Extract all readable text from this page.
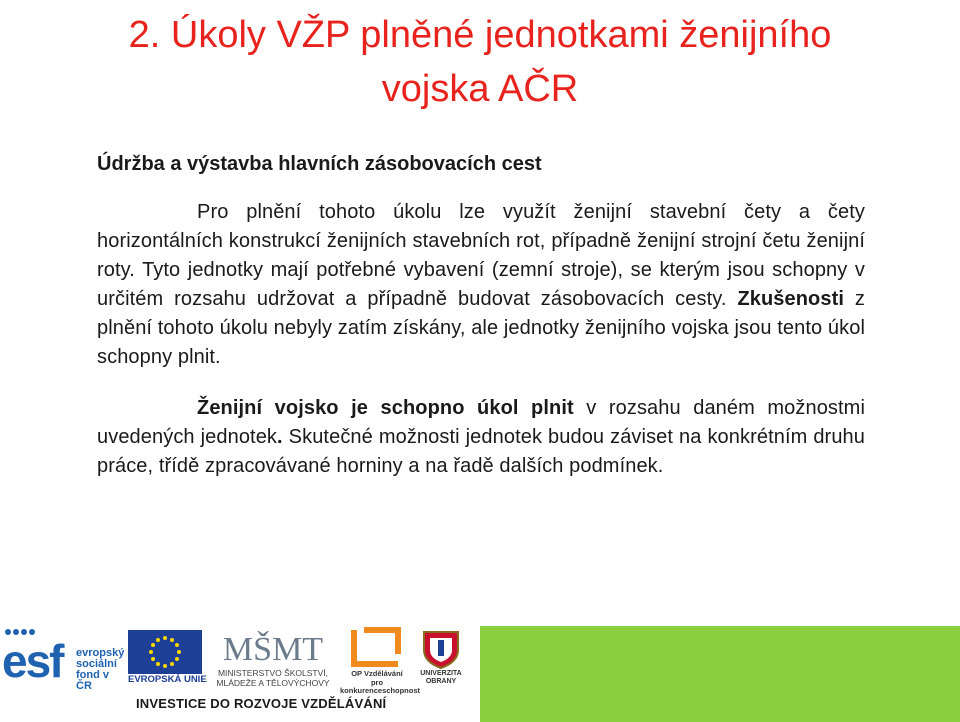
2. Úkoly VŽP plněné jednotkami ženijního
vojska AČR
Údržba a výstavba hlavních zásobovacích cest

Pro plnění tohoto úkolu lze využít ženijní stavební čety a čety horizontálních konstrukcí ženijních stavebních rot, případně ženijní strojní četu ženijní roty. Tyto jednotky mají potřebné vybavení (zemní stroje), se kterým jsou schopny v určitém rozsahu udržovat a případně budovat zásobovacích cesty. Zkušenosti z plnění tohoto úkolu nebyly zatím získány, ale jednotky ženijního vojska jsou tento úkol schopny plnit.

Ženijní vojsko je schopno úkol plnit v rozsahu daném možnostmi uvedených jednotek. Skutečné možnosti jednotek budou záviset na konkrétním druhu práce, třídě zpracovávané horniny a na řadě dalších podmínek.

esf evropský
sociální
fond v ČR
EVROPSKÁ UNIE
MŠMT
MINISTERSTVO ŠKOLSTVÍ,
MLÁDEŽE A TĚLOVÝCHOVY
OP Vzdělávání
pro konkurenceschopnost
UNIVERZITA
OBRANY
INVESTICE DO ROZVOJE VZDĚLÁVÁNÍ
